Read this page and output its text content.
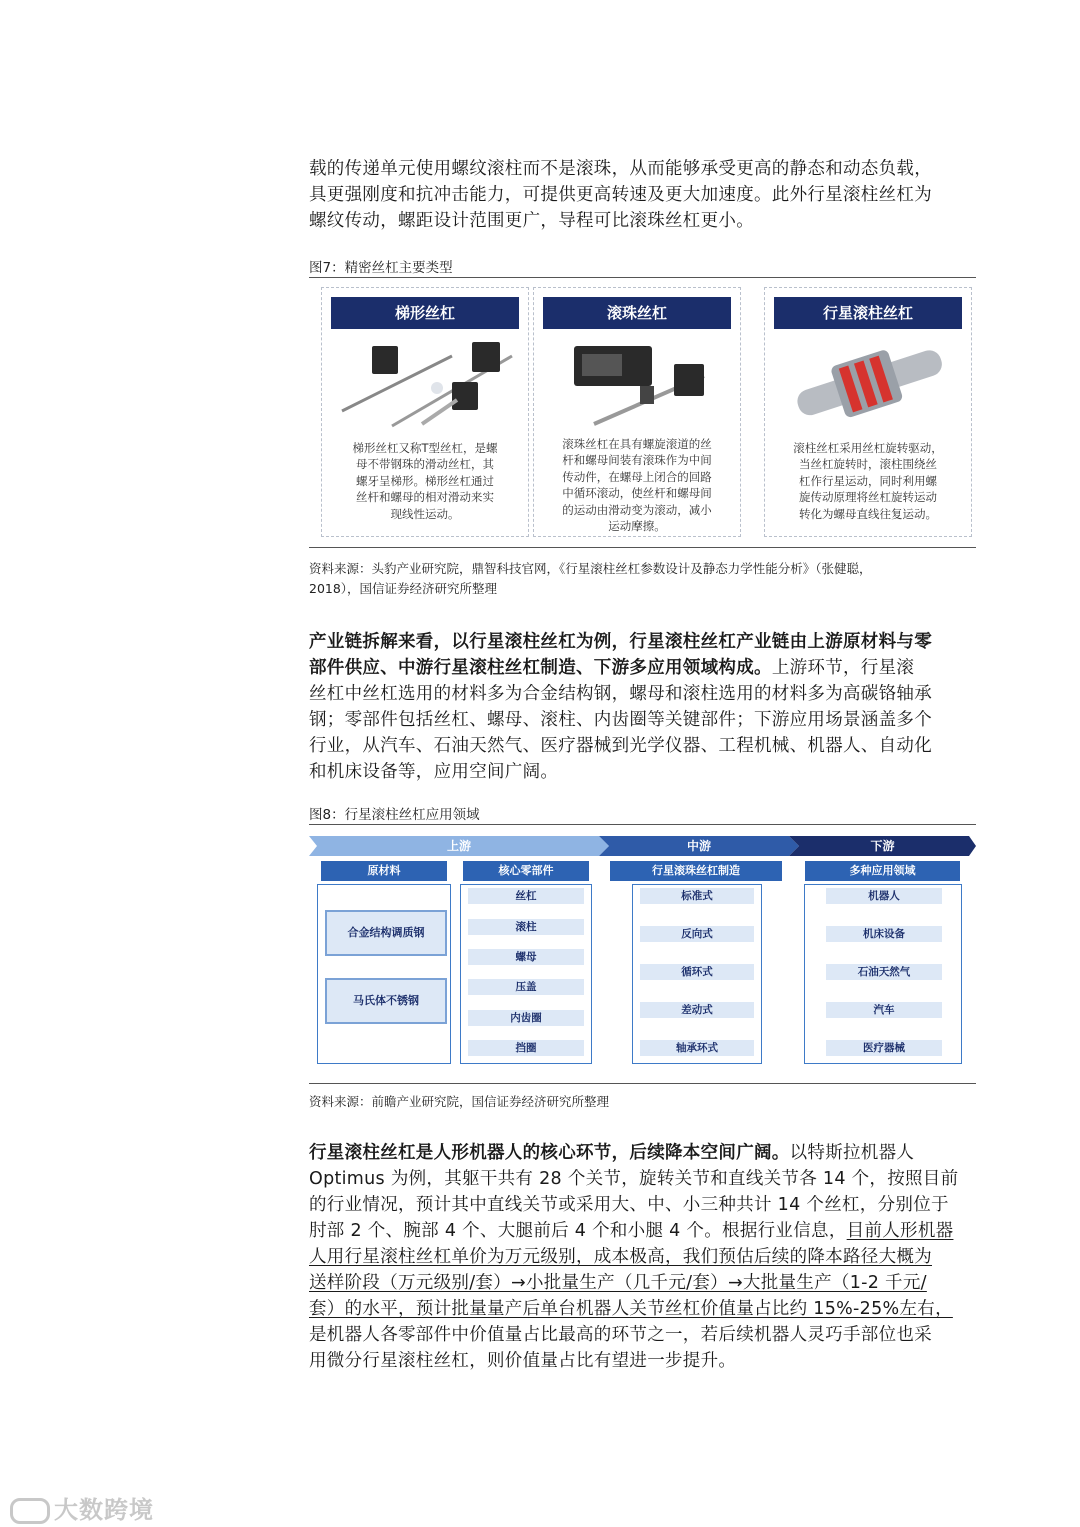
载的传递单元使用螺纹滚柱而不是滚珠，从而能够承受更高的静态和动态负载，

具更强刚度和抗冲击能力，可提供更高转速及更大加速度。此外行星滚柱丝杠为

螺纹传动，螺距设计范围更广，导程可比滚珠丝杠更小。

图7：精密丝杠主要类型
梯形丝杠
梯形丝杠又称T型丝杠，是螺
母不带钢珠的滑动丝杠，其
螺牙呈梯形。梯形丝杠通过
丝杆和螺母的相对滑动来实
现线性运动。
滚珠丝杠
滚珠丝杠在具有螺旋滚道的丝
杆和螺母间装有滚珠作为中间
传动件，在螺母上闭合的回路
中循环滚动，使丝杆和螺母间
的运动由滑动变为滚动，减小
运动摩擦。
行星滚柱丝杠
滚柱丝杠采用丝杠旋转驱动，
当丝杠旋转时，滚柱围绕丝
杠作行星运动，同时利用螺
旋传动原理将丝杠旋转运动
转化为螺母直线往复运动。
资料来源：头豹产业研究院，鼎智科技官网，《行星滚柱丝杠参数设计及静态力学性能分析》（张健聪，
2018），国信证券经济研究所整理

产业链拆解来看，以行星滚柱丝杠为例，行星滚柱丝杠产业链由上游原材料与零

部件供应、中游行星滚柱丝杠制造、下游多应用领域构成。上游环节，行星滚

丝杠中丝杠选用的材料多为合金结构钢，螺母和滚柱选用的材料多为高碳铬轴承

钢；零部件包括丝杠、螺母、滚柱、内齿圈等关键部件；下游应用场景涵盖多个

行业，从汽车、石油天然气、医疗器械到光学仪器、工程机械、机器人、自动化

和机床设备等，应用空间广阔。

图8：行星滚柱丝杠应用领域
上游	中游	下游
原材料
合金结构调质钢
马氏体不锈钢
核心零部件
丝杠
滚柱
螺母
压盖
内齿圈
挡圈
行星滚珠丝杠制造
标准式
反向式
循环式
差动式
轴承环式
多种应用领域
机器人
机床设备
石油天然气
汽车
医疗器械
资料来源：前瞻产业研究院，国信证券经济研究所整理

行星滚柱丝杠是人形机器人的核心环节，后续降本空间广阔。以特斯拉机器人

Optimus 为例，其躯干共有 28 个关节，旋转关节和直线关节各 14 个，按照目前

的行业情况，预计其中直线关节或采用大、中、小三种共计 14 个丝杠，分别位于

肘部 2 个、腕部 4 个、大腿前后 4 个和小腿 4 个。根据行业信息，目前人形机器

人用行星滚柱丝杠单价为万元级别，成本极高，我们预估后续的降本路径大概为

送样阶段（万元级别/套）→小批量生产（几千元/套）→大批量生产（1-2 千元/

套）的水平，预计批量量产后单台机器人关节丝杠价值量占比约 15%-25%左右，

是机器人各零部件中价值量占比最高的环节之一，若后续机器人灵巧手部位也采

用微分行星滚柱丝杠，则价值量占比有望进一步提升。

大数跨境
